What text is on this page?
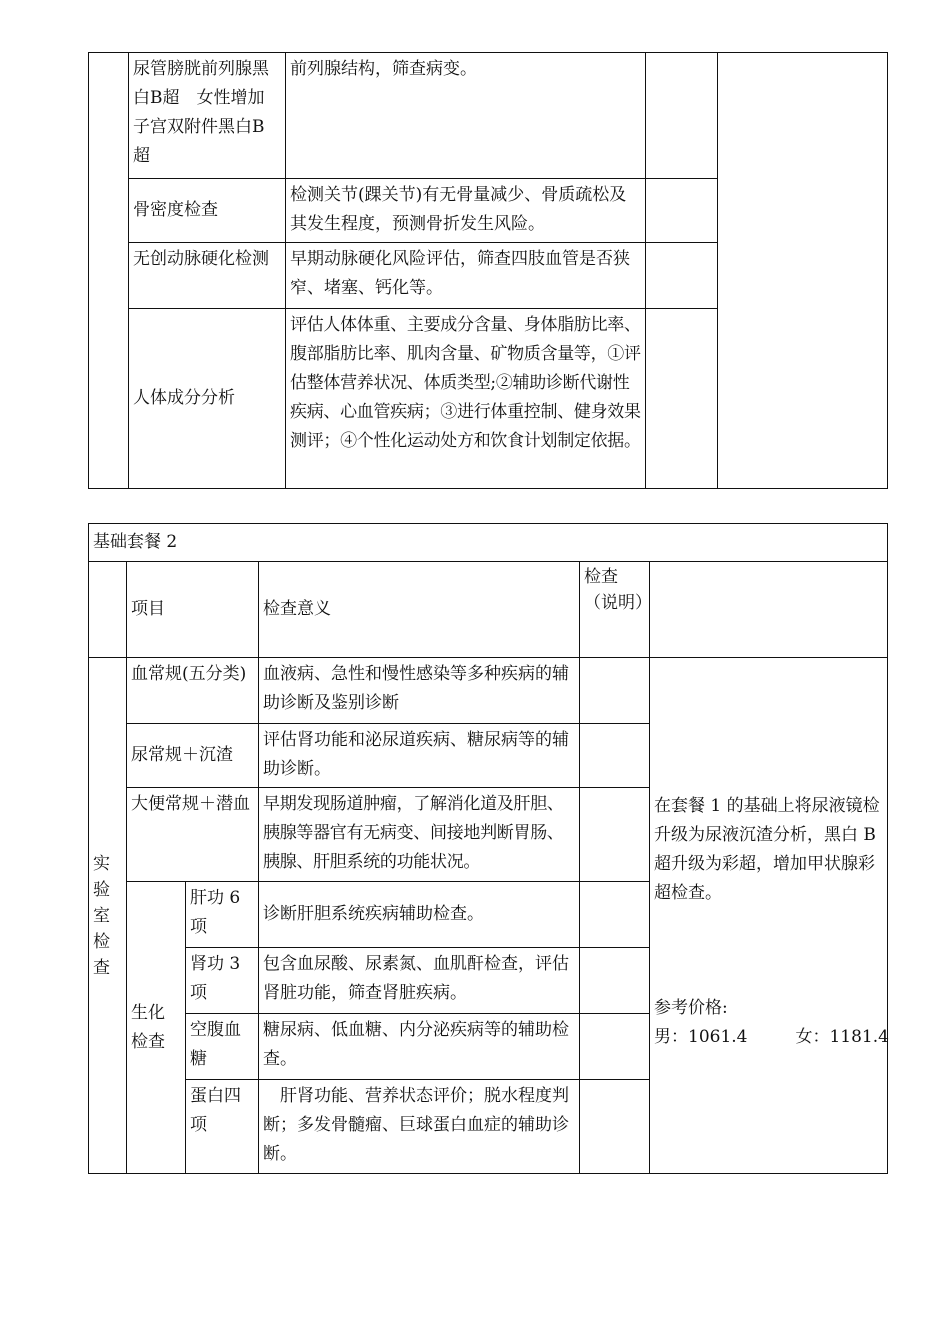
	尿管膀胱前列腺黑白B超　女性增加子宫双附件黑白B超	前列腺结构，筛查病变。		
	骨密度检查	检测关节(踝关节)有无骨量减少、骨质疏松及其发生程度，预测骨折发生风险。		
	无创动脉硬化检测	早期动脉硬化风险评估，筛查四肢血管是否狭窄、堵塞、钙化等。		
	人体成分分析	评估人体体重、主要成分含量、身体脂肪比率、腹部脂肪比率、肌肉含量、矿物质含量等，①评估整体营养状况、体质类型;②辅助诊断代谢性疾病、心血管疾病；③进行体重控制、健身效果测评；④个性化运动处方和饮食计划制定依据。		
基础套餐 2					
	项目		检查意义	检查（说明）	

实验室检查	血常规(五分类)		血液病、急性和慢性感染等多种疾病的辅助诊断及鉴别诊断		在套餐 1 的基础上将尿液镜检升级为尿液沉渣分析，黑白 B 超升级为彩超，增加甲状腺彩超检查。
参考价格:
男：1061.4 女：1181.4

	尿常规＋沉渣		评估肾功能和泌尿道疾病、糖尿病等的辅助诊断。		
	大便常规＋潜血		早期发现肠道肿瘤，了解消化道及肝胆、胰腺等器官有无病变、间接地判断胃肠、胰腺、肝胆系统的功能状况。		

	生化检查	肝功 6 项	诊断肝胆系统疾病辅助检查。		
		肾功 3 项	包含血尿酸、尿素氮、血肌酐检查，评估肾脏功能，筛查肾脏疾病。		
		空腹血糖	糖尿病、低血糖、内分泌疾病等的辅助检查。		
		蛋白四项	肝肾功能、营养状态评价；脱水程度判断；多发骨髓瘤、巨球蛋白血症的辅助诊断。		
